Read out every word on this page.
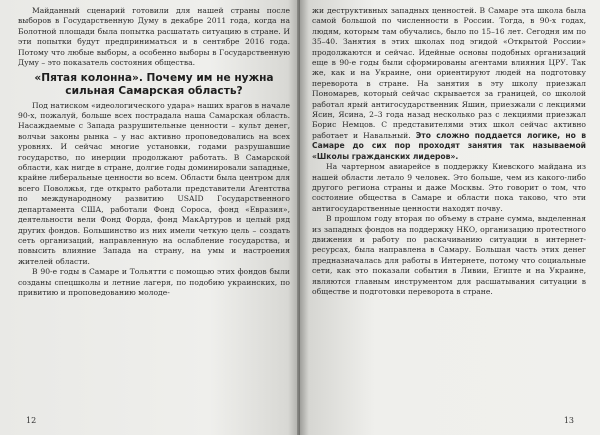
Майданный сценарий готовили для нашей страны после выборов в Государственную Думу в декабре 2011 года, когда на Болотной площади была попытка расшатать ситуацию в стране. И эти попытки будут предприниматься и в сентябре 2016 года. Потому что любые выборы, а особенно выборы в Государственную Думу – это показатель состояния общества.

«Пятая колонна». Почему им не нужна сильная Самарская область?

Под натиском «идеологического удара» наших врагов в начале 90-х, пожалуй, больше всех пострадала наша Самарская область. Насаждаемые с Запада разрушительные ценности – культ денег, волчьи законы рынка – у нас активно проповедовались на всех уровнях. И сейчас многие установки, годами разрушавшие государство, по инерции продолжают работать. В Самарской области, как нигде в стране, долгие годы доминировали западные, крайне либеральные ценности во всем. Области была центром для всего Поволжья, где открыто работали представители Агентства по международному развитию USAID Государственного департамента США, работали Фонд Сороса, фонд «Евразия», деятельности вели Фонд Форда, фонд МакАртуров и целый ряд других фондов. Большинство из них имели четкую цель – создать сеть организаций, направленную на ослабление государства, и повысить влияние Запада на страну, на умы и настроения жителей области.

В 90-е годы в Самаре и Тольятти с помощью этих фондов были созданы спецшколы и летние лагеря, по подобию украинских, по привитию и проповедованию молоде-

12

жи деструктивных западных ценностей. В Самаре эта школа была самой большой по численности в России. Тогда, в 90-х годах, людям, которым там обучались, было по 15–16 лет. Сегодня им по 35–40. Занятия в этих школах под эгидой «Открытой России» продолжаются и сейчас. Идейные основы подобных организаций еще в 90-е годы были сформированы агентами влияния ЦРУ. Так же, как и на Украине, они ориентируют людей на подготовку переворота в стране. На занятия в эту школу приезжал Пономарев, который сейчас скрывается за границей, со школой работал ярый антигосударственник Яшин, приезжали с лекциями Ясин, Ясина, 2–3 года назад несколько раз с лекциями приезжал Борис Немцов. С представителями этих школ сейчас активно работает и Навальный. Это сложно поддается логике, но в Самаре до сих пор проходят занятия так называемой «Школы гражданских лидеров».

На чартерном авиарейсе в поддержку Киевского майдана из нашей области летало 9 человек. Это больше, чем из какого-либо другого региона страны и даже Москвы. Это говорит о том, что состояние общества в Самаре и области пока таково, что эти антигосударственные ценности находят почву.

В прошлом году вторая по объему в стране сумма, выделенная из западных фондов на поддержку НКО, организацию протестного движения и работу по раскачиванию ситуации в интернет-ресурсах, была направлена в Самару. Большая часть этих денег предназначалась для работы в Интернете, потому что социальные сети, как это показали события в Ливии, Египте и на Украине, являются главным инструментом для расшатывания ситуации в обществе и подготовки переворота в стране.

13
